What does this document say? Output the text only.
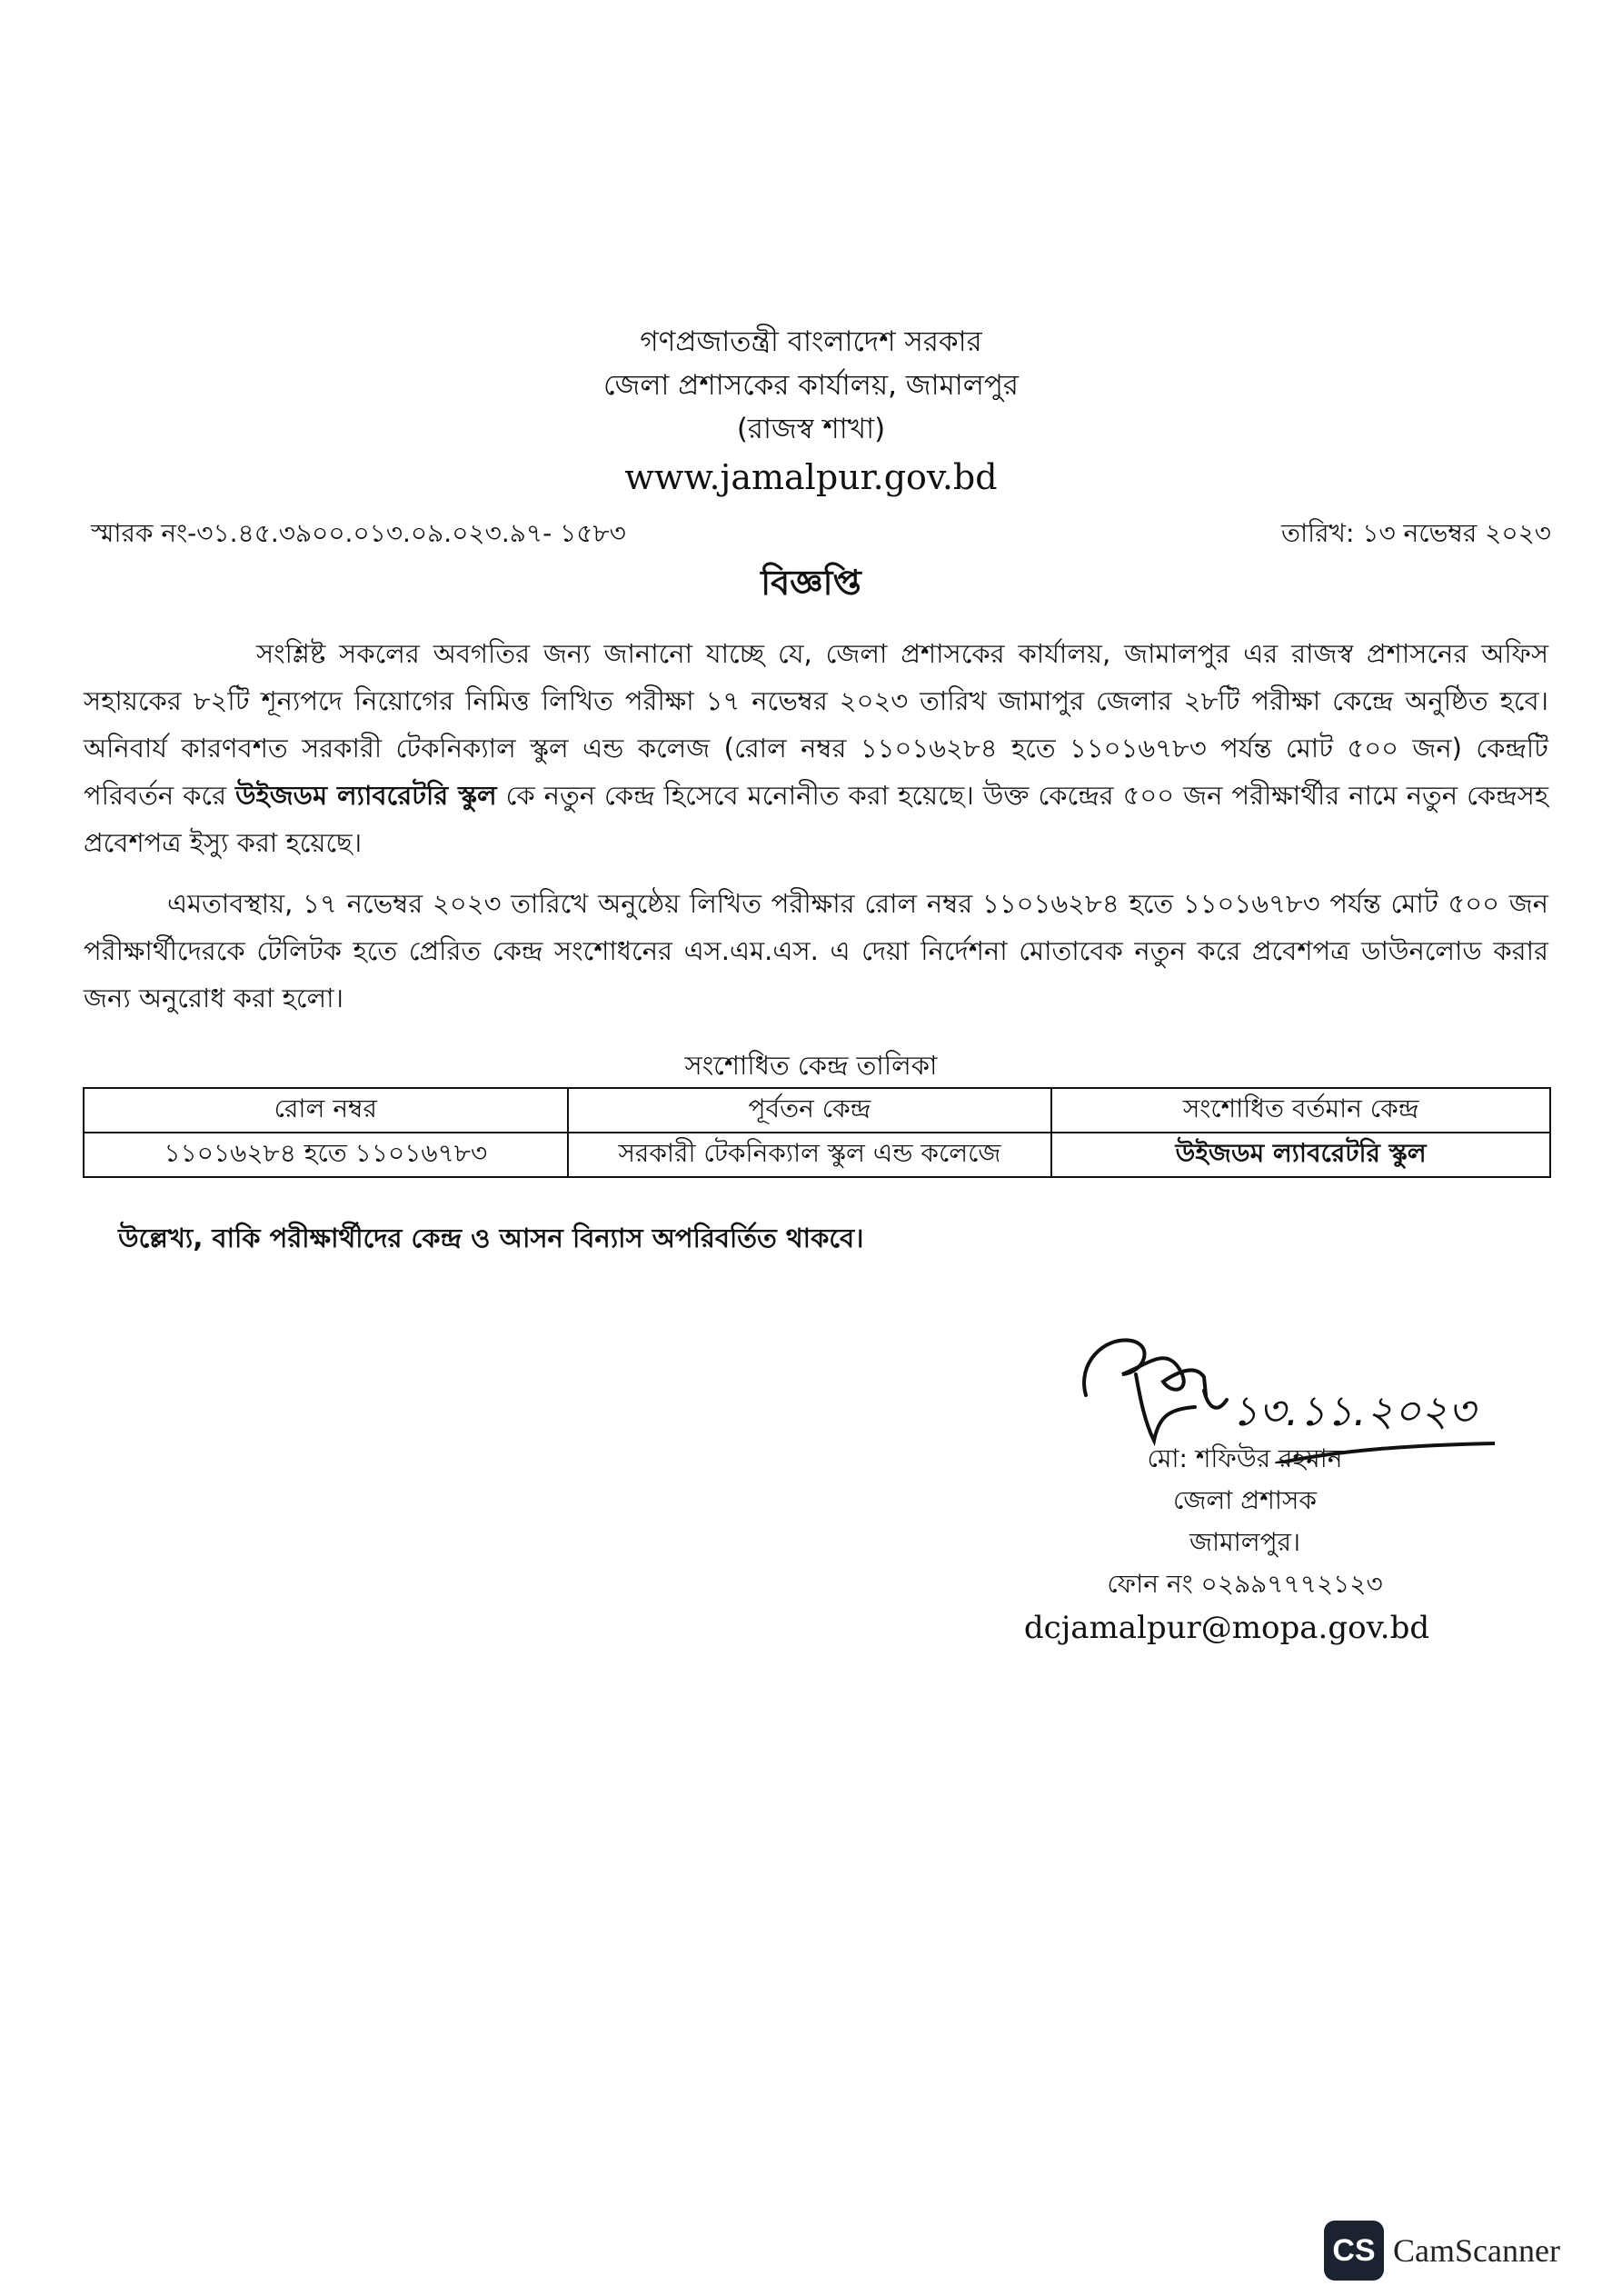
গণপ্রজাতন্ত্রী বাংলাদেশ সরকার
জেলা প্রশাসকের কার্যালয়, জামালপুর
(রাজস্ব শাখা)
www.jamalpur.gov.bd
স্মারক নং-৩১.৪৫.৩৯০০.০১৩.০৯.০২৩.৯৭- ১৫৮৩	তারিখ: ১৩ নভেম্বর ২০২৩
বিজ্ঞপ্তি
সংশ্লিষ্ট সকলের অবগতির জন্য জানানো যাচ্ছে যে, জেলা প্রশাসকের কার্যালয়, জামালপুর এর রাজস্ব প্রশাসনের অফিস সহায়কের ৮২টি শূন্যপদে নিয়োগের নিমিত্ত লিখিত পরীক্ষা ১৭ নভেম্বর ২০২৩ তারিখ জামাপুর জেলার ২৮টি পরীক্ষা কেন্দ্রে অনুষ্ঠিত হবে। অনিবার্য কারণবশত সরকারী টেকনিক্যাল স্কুল এন্ড কলেজ (রোল নম্বর ১১০১৬২৮৪ হতে ১১০১৬৭৮৩ পর্যন্ত মোট ৫০০ জন) কেন্দ্রটি পরিবর্তন করে উইজডম ল্যাবরেটরি স্কুল কে নতুন কেন্দ্র হিসেবে মনোনীত করা হয়েছে। উক্ত কেন্দ্রের ৫০০ জন পরীক্ষার্থীর নামে নতুন কেন্দ্রসহ প্রবেশপত্র ইস্যু করা হয়েছে।
এমতাবস্থায়, ১৭ নভেম্বর ২০২৩ তারিখে অনুষ্ঠেয় লিখিত পরীক্ষার রোল নম্বর ১১০১৬২৮৪ হতে ১১০১৬৭৮৩ পর্যন্ত মোট ৫০০ জন পরীক্ষার্থীদেরকে টেলিটক হতে প্রেরিত কেন্দ্র সংশোধনের এস.এম.এস. এ দেয়া নির্দেশনা মোতাবেক নতুন করে প্রবেশপত্র ডাউনলোড করার জন্য অনুরোধ করা হলো।
সংশোধিত কেন্দ্র তালিকা
রোল নম্বর	পূর্বতন কেন্দ্র	সংশোধিত বর্তমান কেন্দ্র
১১০১৬২৮৪ হতে ১১০১৬৭৮৩	সরকারী টেকনিক্যাল স্কুল এন্ড কলেজে	উইজডম ল্যাবরেটরি স্কুল
উল্লেখ্য, বাকি পরীক্ষার্থীদের কেন্দ্র ও আসন বিন্যাস অপরিবর্তিত থাকবে।
১৩.১১.২০২৩
মো: শফিউর রহমান
জেলা প্রশাসক
জামালপুর।
ফোন নং ০২৯৯৭৭৭২১২৩
dcjamalpur@mopa.gov.bd
CS CamScanner
